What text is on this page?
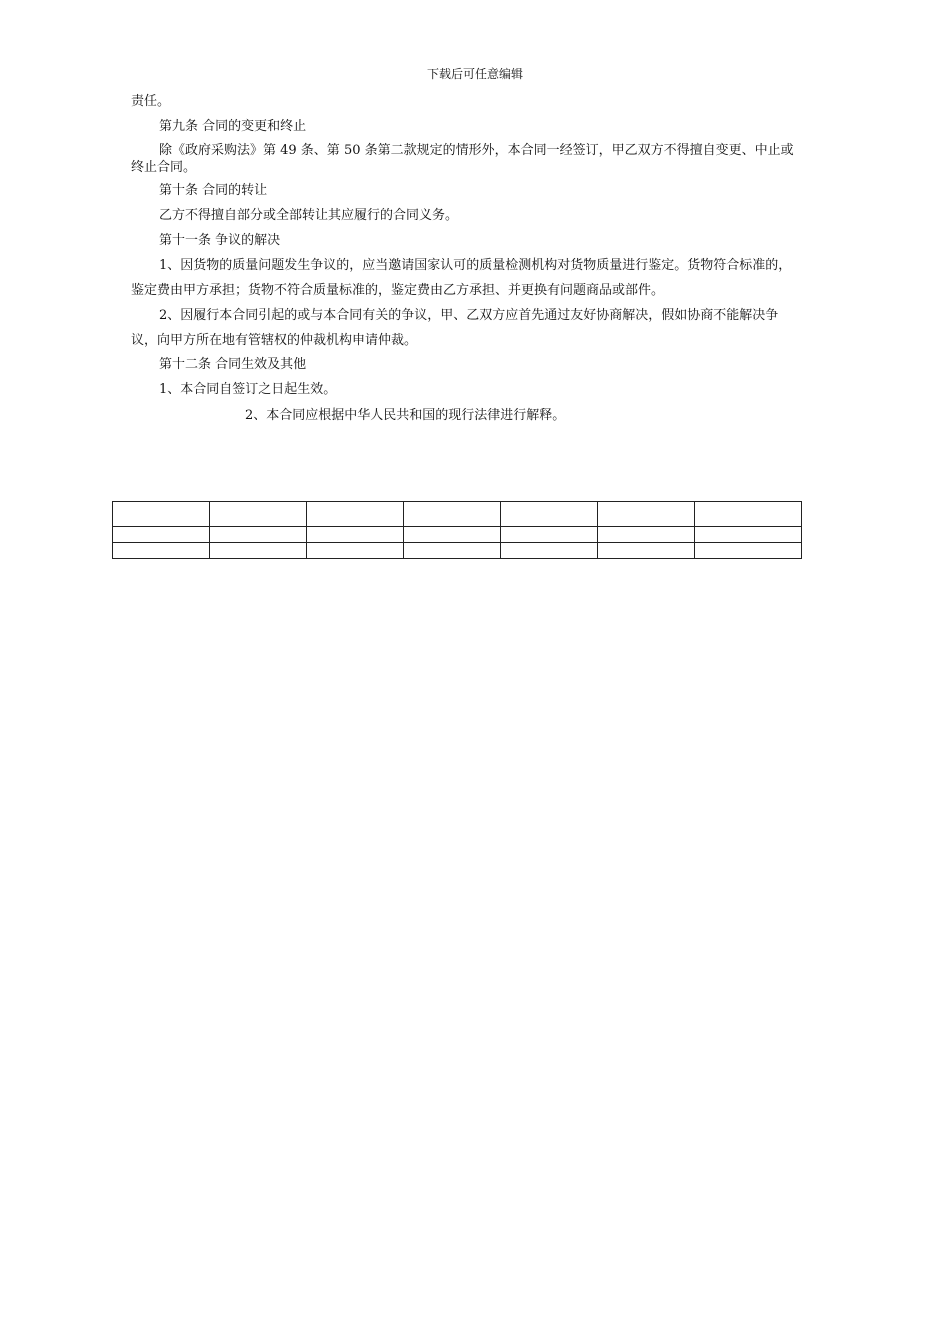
下载后可任意编辑
责任。
第九条 合同的变更和终止
除《政府采购法》第 49 条、第 50 条第二款规定的情形外，本合同一经签订，甲乙双方不得擅自变更、中止或
终止合同。
第十条 合同的转让
乙方不得擅自部分或全部转让其应履行的合同义务。
第十一条 争议的解决
1、因货物的质量问题发生争议的，应当邀请国家认可的质量检测机构对货物质量进行鉴定。货物符合标准的，
鉴定费由甲方承担；货物不符合质量标准的，鉴定费由乙方承担、并更换有问题商品或部件。
2、因履行本合同引起的或与本合同有关的争议，甲、乙双方应首先通过友好协商解决，假如协商不能解决争
议，向甲方所在地有管辖权的仲裁机构申请仲裁。
第十二条 合同生效及其他
1、本合同自签订之日起生效。
2、本合同应根据中华人民共和国的现行法律进行解释。
